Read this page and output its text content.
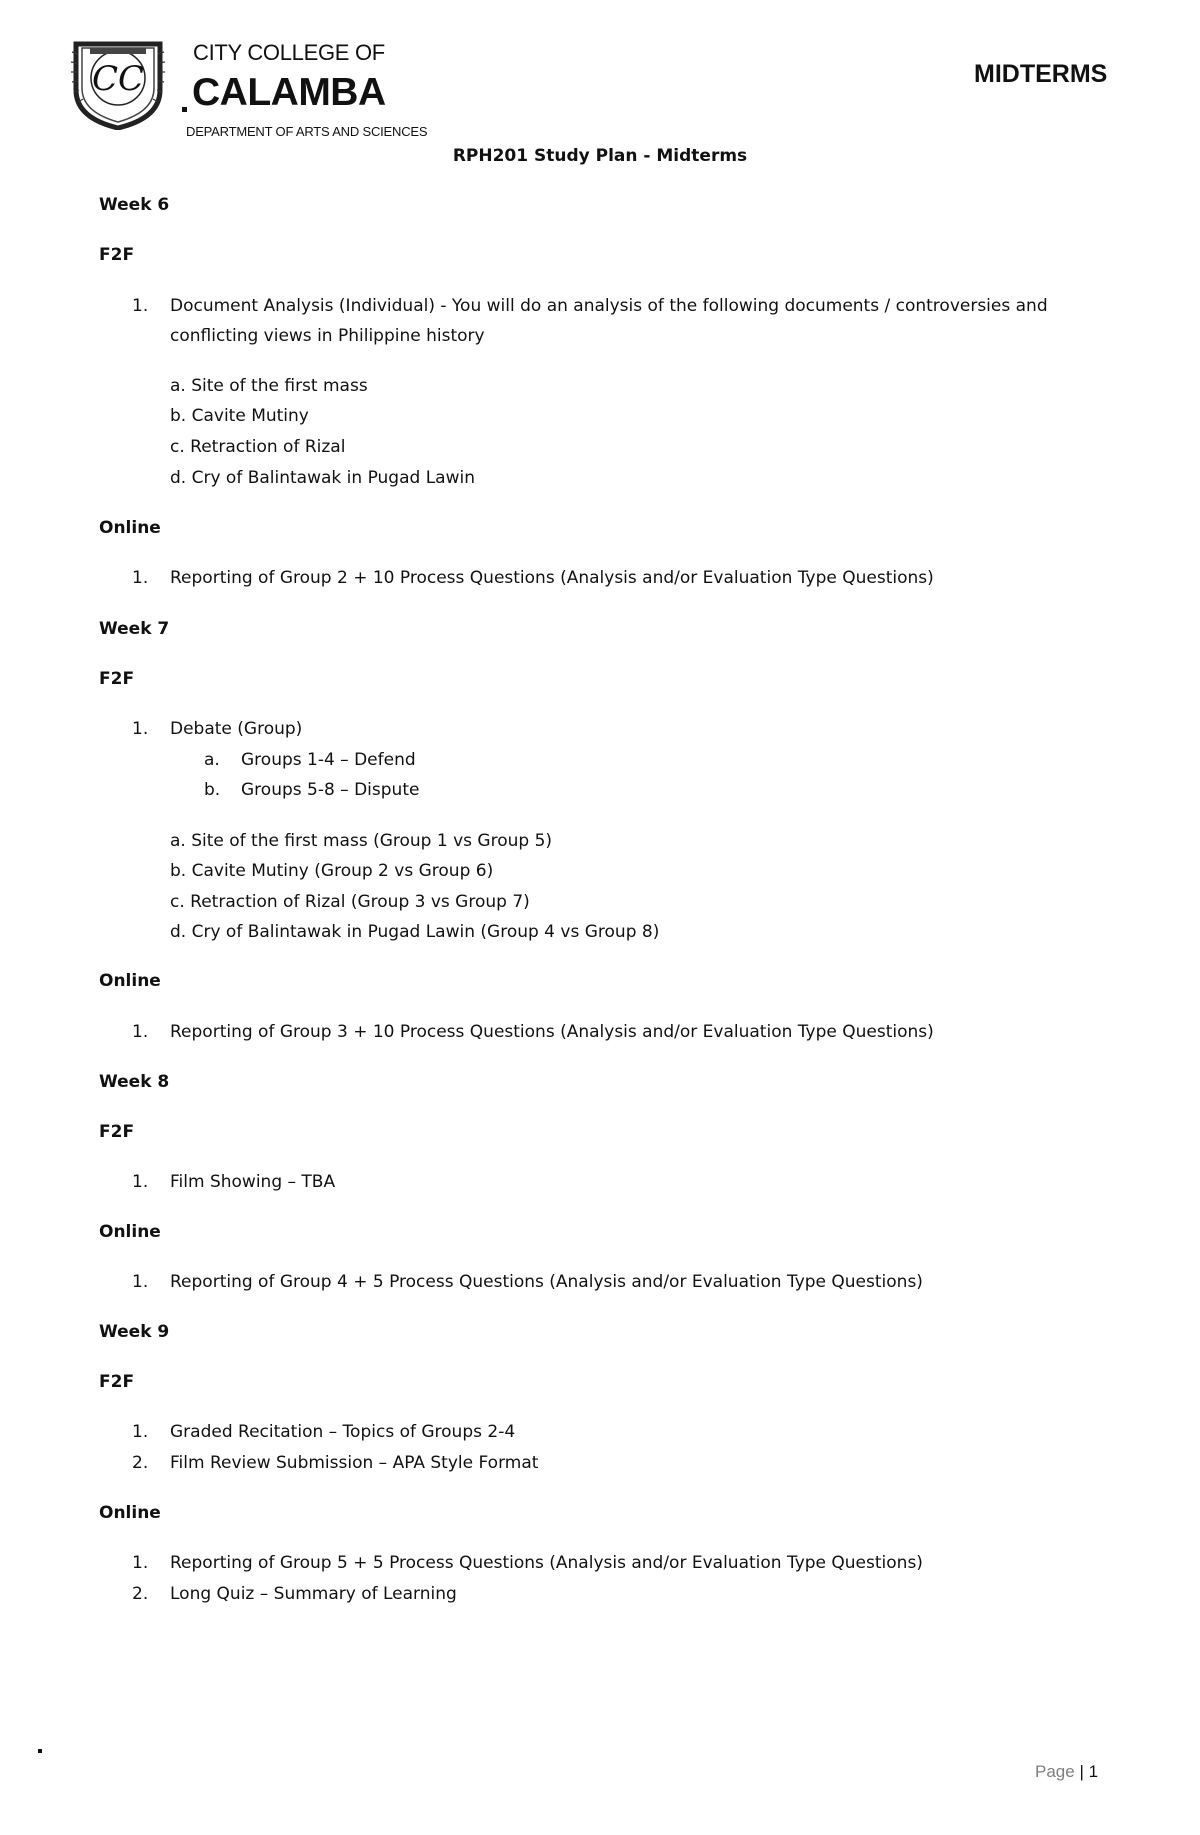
CC
CITY COLLEGE OF
CALAMBA
DEPARTMENT OF ARTS AND SCIENCES
MIDTERMS
RPH201 Study Plan - Midterms
Week 6
F2F
1. Document Analysis (Individual) - You will do an analysis of the following documents / controversies and
conflicting views in Philippine history
a. Site of the first mass
b. Cavite Mutiny
c. Retraction of Rizal
d. Cry of Balintawak in Pugad Lawin
Online
1. Reporting of Group 2 + 10 Process Questions (Analysis and/or Evaluation Type Questions)
Week 7
F2F
1. Debate (Group)
a. Groups 1-4 – Defend
b. Groups 5-8 – Dispute
a. Site of the first mass (Group 1 vs Group 5)
b. Cavite Mutiny (Group 2 vs Group 6)
c. Retraction of Rizal (Group 3 vs Group 7)
d. Cry of Balintawak in Pugad Lawin (Group 4 vs Group 8)
Online
1. Reporting of Group 3 + 10 Process Questions (Analysis and/or Evaluation Type Questions)
Week 8
F2F
1. Film Showing – TBA
Online
1. Reporting of Group 4 + 5 Process Questions (Analysis and/or Evaluation Type Questions)
Week 9
F2F
1. Graded Recitation – Topics of Groups 2-4
2. Film Review Submission – APA Style Format
Online
1. Reporting of Group 5 + 5 Process Questions (Analysis and/or Evaluation Type Questions)
2. Long Quiz – Summary of Learning
Page | 1
